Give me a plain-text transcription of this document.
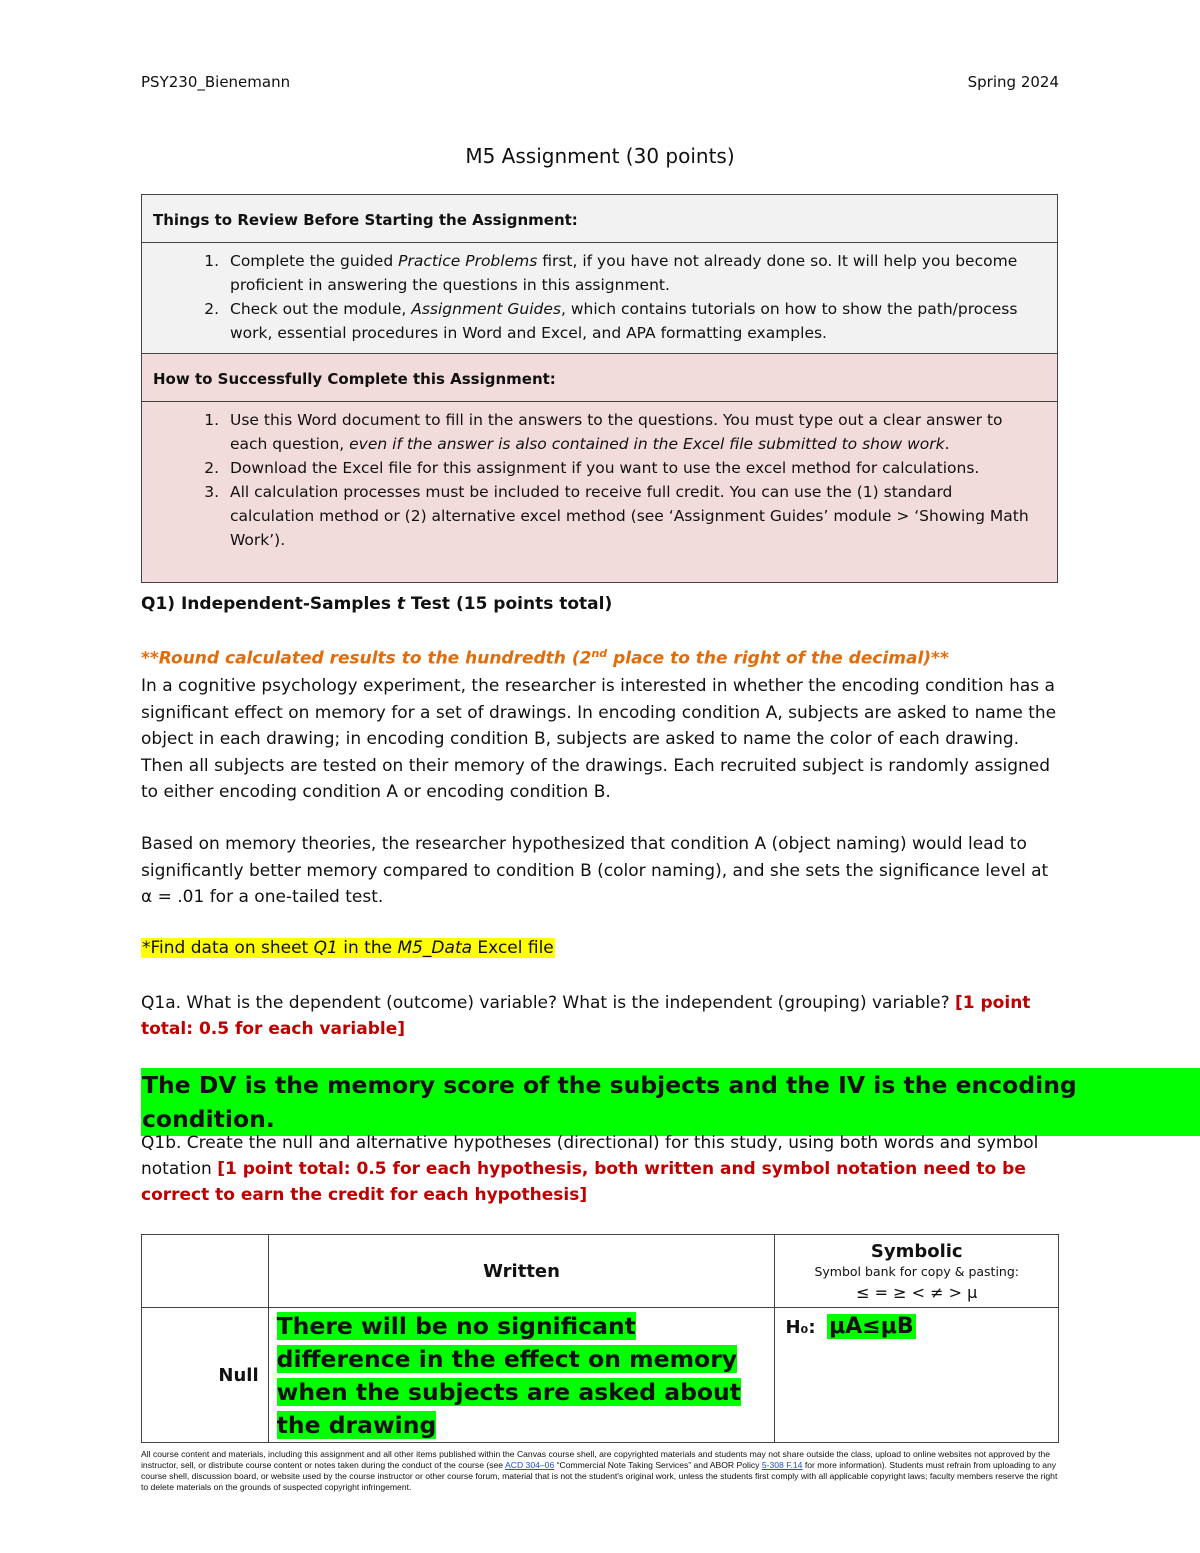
PSY230_Bienemann	Spring 2024
M5 Assignment (30 points)
Things to Review Before Starting the Assignment:
1. Complete the guided Practice Problems first, if you have not already done so. It will help you become proficient in answering the questions in this assignment.
2. Check out the module, Assignment Guides, which contains tutorials on how to show the path/process work, essential procedures in Word and Excel, and APA formatting examples.
How to Successfully Complete this Assignment:
1. Use this Word document to fill in the answers to the questions. You must type out a clear answer to each question, even if the answer is also contained in the Excel file submitted to show work.
2. Download the Excel file for this assignment if you want to use the excel method for calculations.
3. All calculation processes must be included to receive full credit. You can use the (1) standard calculation method or (2) alternative excel method (see ‘Assignment Guides’ module > ‘Showing Math Work’).
Q1) Independent-Samples t Test (15 points total)
**Round calculated results to the hundredth (2nd place to the right of the decimal)**
In a cognitive psychology experiment, the researcher is interested in whether the encoding condition has a significant effect on memory for a set of drawings. In encoding condition A, subjects are asked to name the object in each drawing; in encoding condition B, subjects are asked to name the color of each drawing. Then all subjects are tested on their memory of the drawings. Each recruited subject is randomly assigned to either encoding condition A or encoding condition B.
Based on memory theories, the researcher hypothesized that condition A (object naming) would lead to significantly better memory compared to condition B (color naming), and she sets the significance level at α = .01 for a one-tailed test.
*Find data on sheet Q1 in the M5_Data Excel file
Q1a. What is the dependent (outcome) variable? What is the independent (grouping) variable? [1 point total: 0.5 for each variable]
The DV is the memory score of the subjects and the IV is the encoding condition.
Q1b. Create the null and alternative hypotheses (directional) for this study, using both words and symbol notation [1 point total: 0.5 for each hypothesis, both written and symbol notation need to be correct to earn the credit for each hypothesis]
	Written	Symbolic
Symbol bank for copy & pasting:
≤ = ≥ < ≠ > μ

Null	There will be no significant difference in the effect on memory when the subjects are asked about the drawing	H₀: μA≤μB
All course content and materials, including this assignment and all other items published within the Canvas course shell, are copyrighted materials and students may not share outside the class, upload to online websites not approved by the instructor, sell, or distribute course content or notes taken during the conduct of the course (see ACD 304–06 “Commercial Note Taking Services” and ABOR Policy 5-308 F.14 for more information). Students must refrain from uploading to any course shell, discussion board, or website used by the course instructor or other course forum, material that is not the student's original work, unless the students first comply with all applicable copyright laws; faculty members reserve the right to delete materials on the grounds of suspected copyright infringement.
